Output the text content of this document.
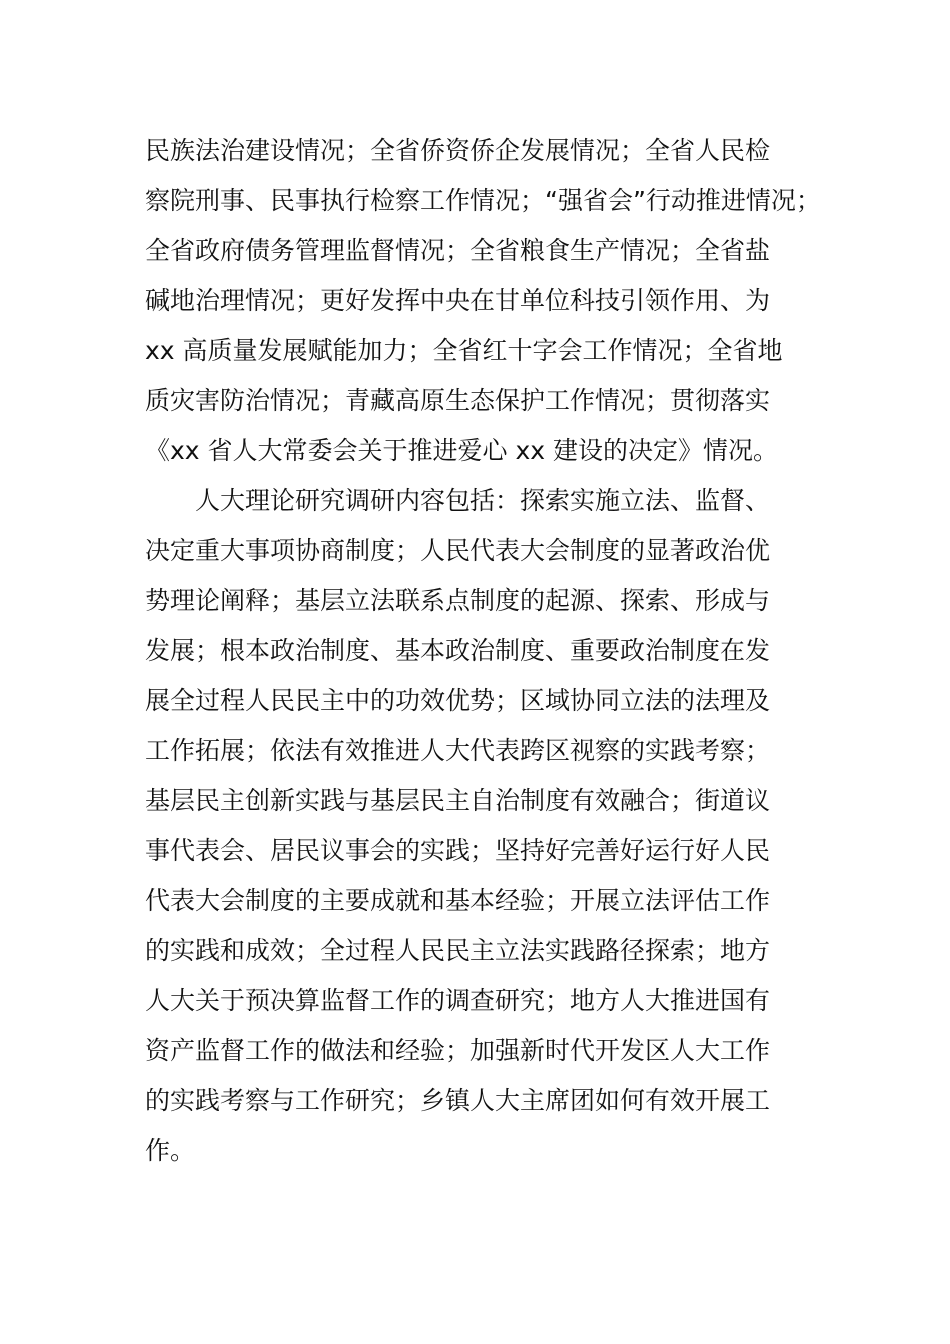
民族法治建设情况；全省侨资侨企发展情况；全省人民检
察院刑事、民事执行检察工作情况；“强省会”行动推进情况；
全省政府债务管理监督情况；全省粮食生产情况；全省盐
碱地治理情况；更好发挥中央在甘单位科技引领作用、为
xx 高质量发展赋能加力；全省红十字会工作情况；全省地
质灾害防治情况；青藏高原生态保护工作情况；贯彻落实
《xx 省人大常委会关于推进爱心 xx 建设的决定》情况。
人大理论研究调研内容包括：探索实施立法、监督、
决定重大事项协商制度；人民代表大会制度的显著政治优
势理论阐释；基层立法联系点制度的起源、探索、形成与
发展；根本政治制度、基本政治制度、重要政治制度在发
展全过程人民民主中的功效优势；区域协同立法的法理及
工作拓展；依法有效推进人大代表跨区视察的实践考察；
基层民主创新实践与基层民主自治制度有效融合；街道议
事代表会、居民议事会的实践；坚持好完善好运行好人民
代表大会制度的主要成就和基本经验；开展立法评估工作
的实践和成效；全过程人民民主立法实践路径探索；地方
人大关于预决算监督工作的调查研究；地方人大推进国有
资产监督工作的做法和经验；加强新时代开发区人大工作
的实践考察与工作研究；乡镇人大主席团如何有效开展工
作。
